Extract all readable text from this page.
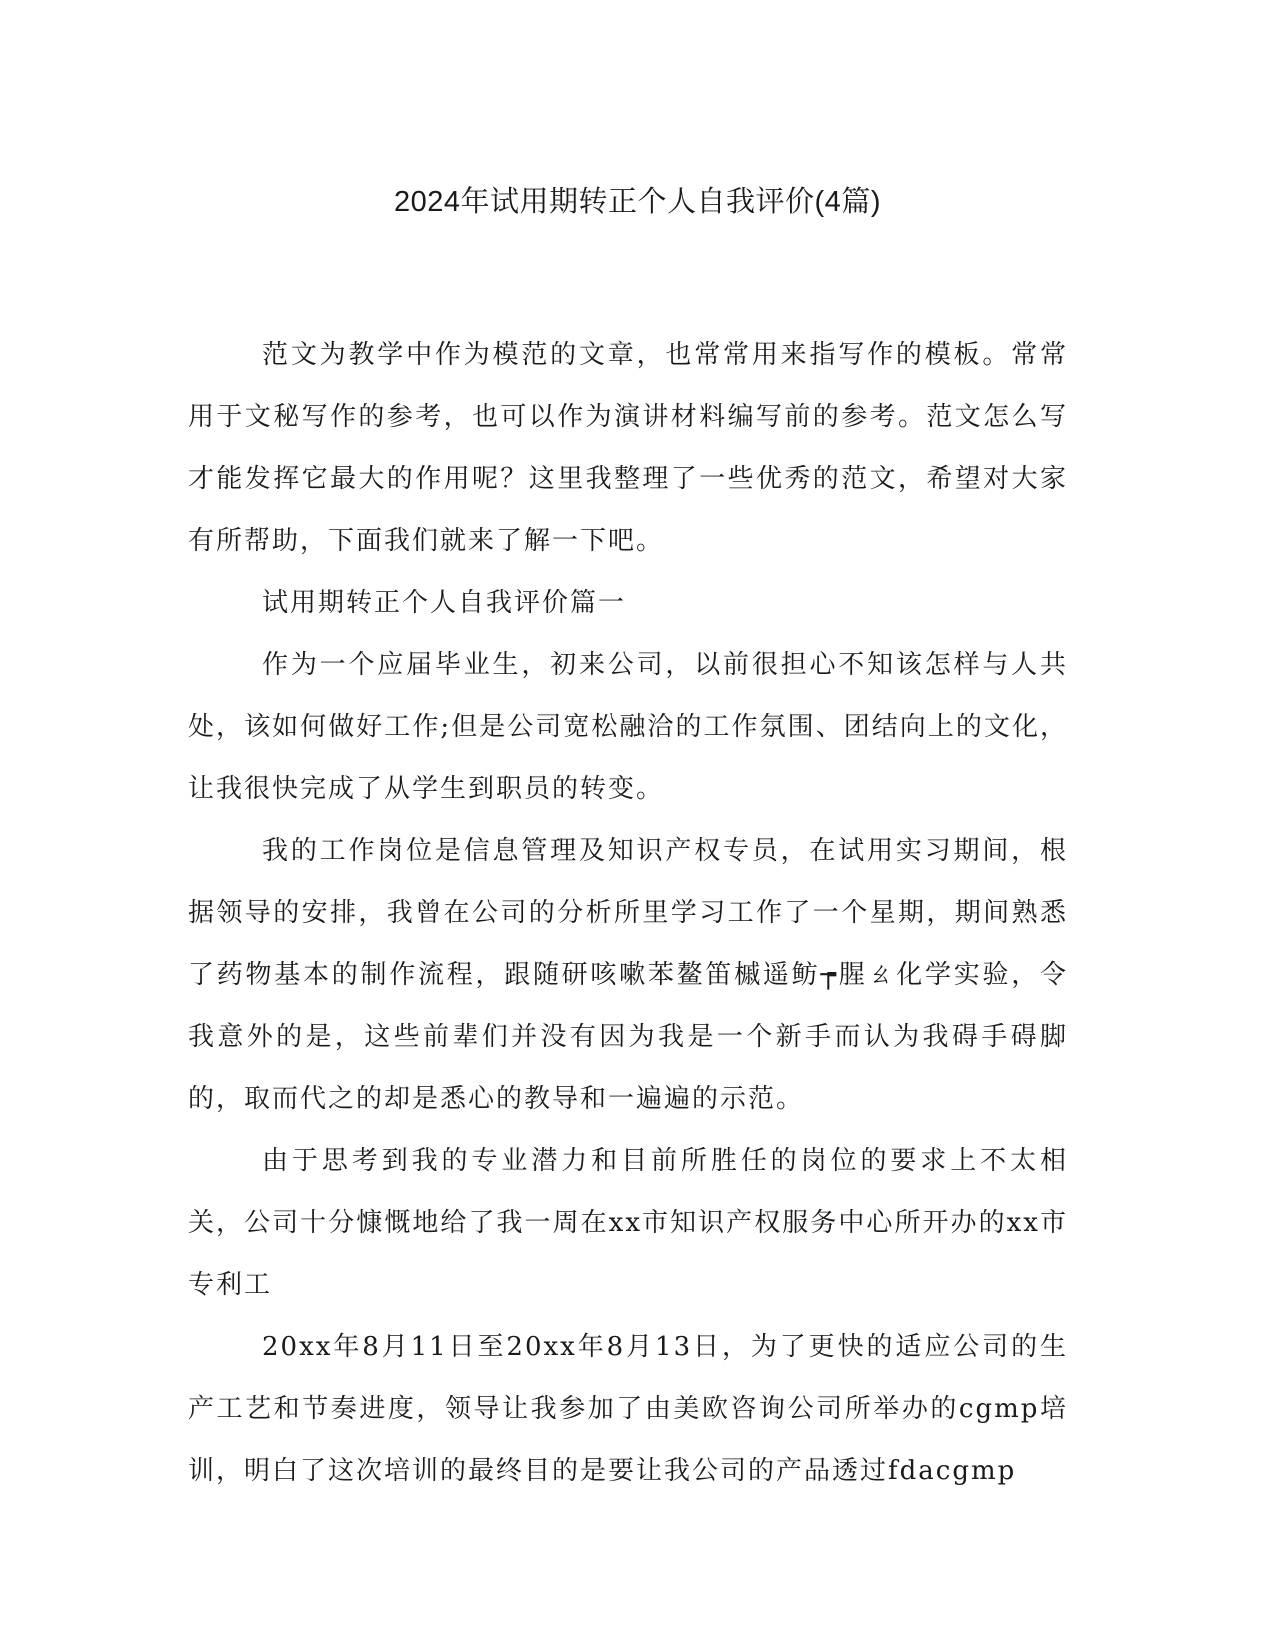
2024年试用期转正个人自我评价(4篇)

范文为教学中作为模范的文章，也常常用来指写作的模板。常常用于文秘写作的参考，也可以作为演讲材料编写前的参考。范文怎么写才能发挥它最大的作用呢？这里我整理了一些优秀的范文，希望对大家有所帮助，下面我们就来了解一下吧。

试用期转正个人自我评价篇一

作为一个应届毕业生，初来公司，以前很担心不知该怎样与人共处，该如何做好工作;但是公司宽松融洽的工作氛围、团结向上的文化，让我很快完成了从学生到职员的转变。

我的工作岗位是信息管理及知识产权专员，在试用实习期间，根据领导的安排，我曾在公司的分析所里学习工作了一个星期，期间熟悉了药物基本的制作流程，跟随研咳嗽苯鳌笛槭遥鲂┮腥ㄠ化学实验，令我意外的是，这些前辈们并没有因为我是一个新手而认为我碍手碍脚的，取而代之的却是悉心的教导和一遍遍的示范。

由于思考到我的专业潜力和目前所胜任的岗位的要求上不太相关，公司十分慷慨地给了我一周在xx市知识产权服务中心所开办的xx市专利工

20xx年8月11日至20xx年8月13日，为了更快的适应公司的生产工艺和节奏进度，领导让我参加了由美欧咨询公司所举办的cgmp培训，明白了这次培训的最终目的是要让我公司的产品透过fdacgmp
